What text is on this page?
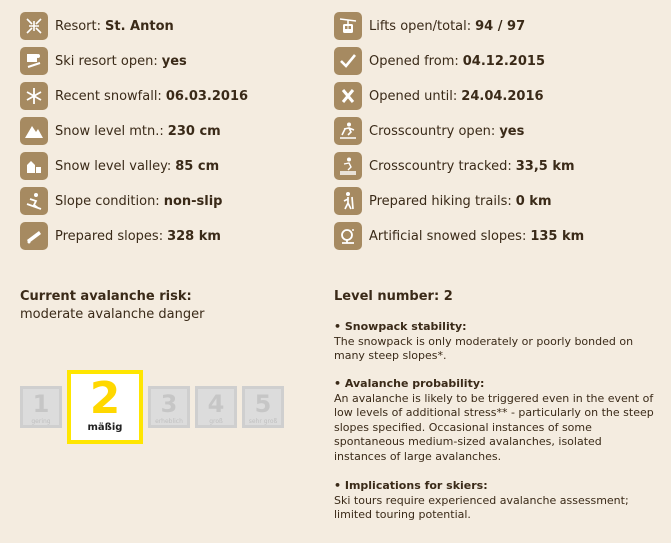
Resort: St. Anton
Ski resort open: yes
Recent snowfall: 06.03.2016
Snow level mtn.: 230 cm
Snow level valley: 85 cm
Slope condition: non-slip
Prepared slopes: 328 km
Lifts open/total: 94 / 97
Opened from: 04.12.2015
Opened until: 24.04.2016
Crosscountry open: yes
Crosscountry tracked: 33,5 km
Prepared hiking trails: 0 km
Artificial snowed slopes: 135 km
Current avalanche risk:
moderate avalanche danger
1
gering 2
mäßig
3
erheblich
4
groß
5
sehr groß
Level number: 2
• Snowpack stability:
The snowpack is only moderately or poorly bonded on many steep slopes*.
• Avalanche probability:
An avalanche is likely to be triggered even in the event of low levels of additional stress** - particularly on the steep slopes specified. Occasional instances of some spontaneous medium-sized avalanches, isolated instances of large avalanches.
• Implications for skiers:
Ski tours require experienced avalanche assessment; limited touring potential.
